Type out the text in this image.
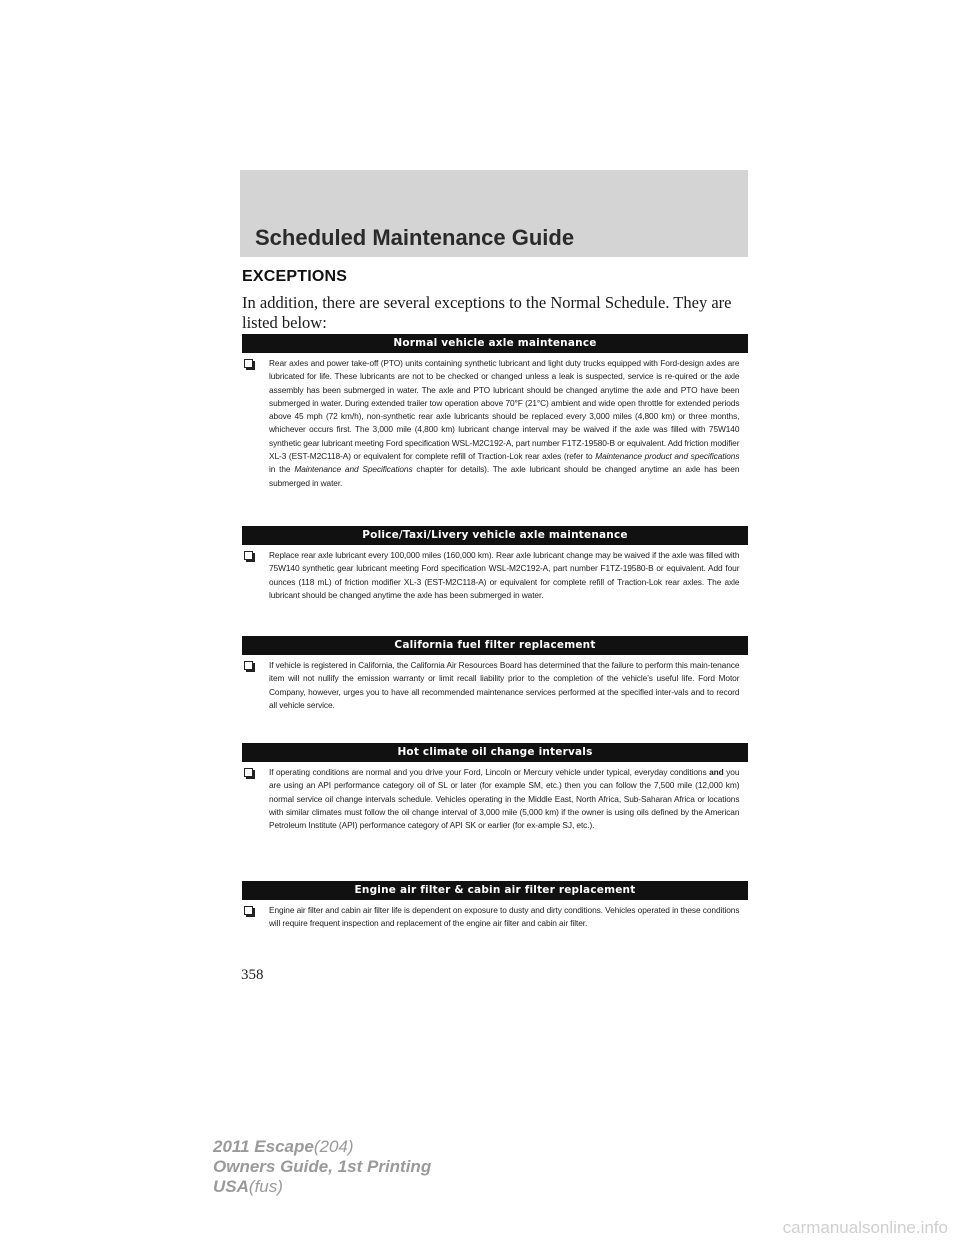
Scheduled Maintenance Guide
EXCEPTIONS
In addition, there are several exceptions to the Normal Schedule. They are listed below:
Normal vehicle axle maintenance
Rear axles and power take-off (PTO) units containing synthetic lubricant and light duty trucks equipped with Ford-design axles are lubricated for life. These lubricants are not to be checked or changed unless a leak is suspected, service is re-quired or the axle assembly has been submerged in water. The axle and PTO lubricant should be changed anytime the axle and PTO have been submerged in water. During extended trailer tow operation above 70°F (21°C) ambient and wide open throttle for extended periods above 45 mph (72 km/h), non-synthetic rear axle lubricants should be replaced every 3,000 miles (4,800 km) or three months, whichever occurs first. The 3,000 mile (4,800 km) lubricant change interval may be waived if the axle was filled with 75W140 synthetic gear lubricant meeting Ford specification WSL-M2C192-A, part number F1TZ-19580-B or equivalent. Add friction modifier XL-3 (EST-M2C118-A) or equivalent for complete refill of Traction-Lok rear axles (refer to Maintenance product and specifications in the Maintenance and Specifications chapter for details). The axle lubricant should be changed anytime an axle has been submerged in water.
Police/Taxi/Livery vehicle axle maintenance
Replace rear axle lubricant every 100,000 miles (160,000 km). Rear axle lubricant change may be waived if the axle was filled with 75W140 synthetic gear lubricant meeting Ford specification WSL-M2C192-A, part number F1TZ-19580-B or equivalent. Add four ounces (118 mL) of friction modifier XL-3 (EST-M2C118-A) or equivalent for complete refill of Traction-Lok rear axles. The axle lubricant should be changed anytime the axle has been submerged in water.
California fuel filter replacement
If vehicle is registered in California, the California Air Resources Board has determined that the failure to perform this main-tenance item will not nullify the emission warranty or limit recall liability prior to the completion of the vehicle’s useful life. Ford Motor Company, however, urges you to have all recommended maintenance services performed at the specified inter-vals and to record all vehicle service.
Hot climate oil change intervals
If operating conditions are normal and you drive your Ford, Lincoln or Mercury vehicle under typical, everyday conditions and you are using an API performance category oil of SL or later (for example SM, etc.) then you can follow the 7,500 mile (12,000 km) normal service oil change intervals schedule. Vehicles operating in the Middle East, North Africa, Sub-Saharan Africa or locations with similar climates must follow the oil change interval of 3,000 mile (5,000 km) if the owner is using oils defined by the American Petroleum Institute (API) performance category of API SK or earlier (for ex-ample SJ, etc.).
Engine air filter & cabin air filter replacement
Engine air filter and cabin air filter life is dependent on exposure to dusty and dirty conditions. Vehicles operated in these conditions will require frequent inspection and replacement of the engine air filter and cabin air filter.
358
2011 Escape(204)
Owners Guide, 1st Printing
USA(fus)
carmanualsonline.info
